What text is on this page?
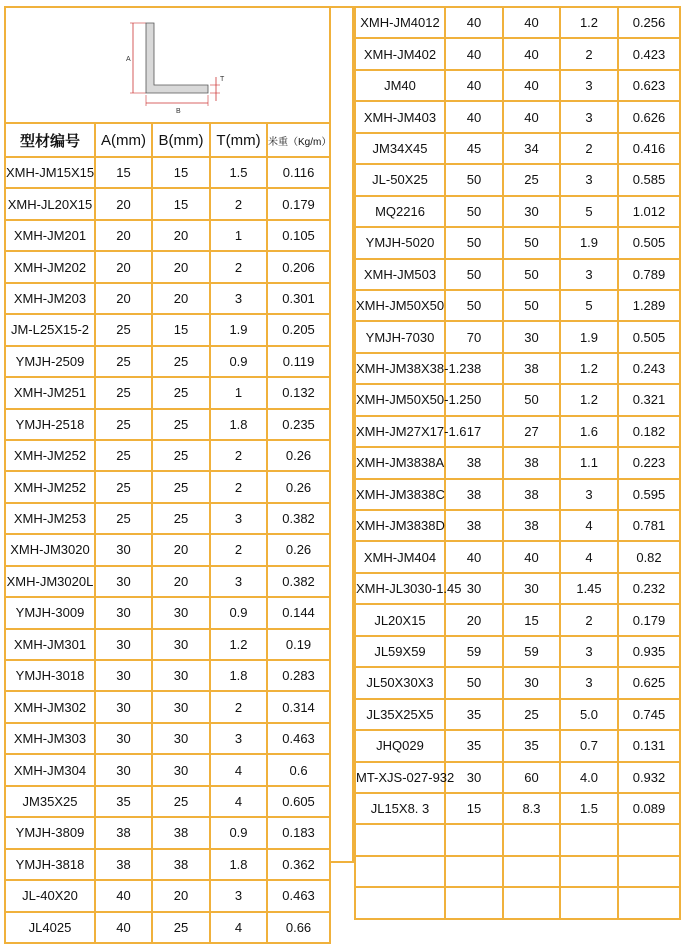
A
B
T				

型材编号	A(mm)	B(mm)	T(mm)	米重（Kg/m）
XMH-JM15X15	15	15	1.5	0.116
XMH-JL20X15	20	15	2	0.179
XMH-JM201	20	20	1	0.105
XMH-JM202	20	20	2	0.206
XMH-JM203	20	20	3	0.301
JM-L25X15-2	25	15	1.9	0.205
YMJH-2509	25	25	0.9	0.119
XMH-JM251	25	25	1	0.132
YMJH-2518	25	25	1.8	0.235
XMH-JM252	25	25	2	0.26
XMH-JM252	25	25	2	0.26
XMH-JM253	25	25	3	0.382
XMH-JM3020	30	20	2	0.26
XMH-JM3020L	30	20	3	0.382
YMJH-3009	30	30	0.9	0.144
XMH-JM301	30	30	1.2	0.19
YMJH-3018	30	30	1.8	0.283
XMH-JM302	30	30	2	0.314
XMH-JM303	30	30	3	0.463
XMH-JM304	30	30	4	0.6
JM35X25	35	25	4	0.605
YMJH-3809	38	38	0.9	0.183
YMJH-3818	38	38	1.8	0.362
JL-40X20	40	20	3	0.463
JL4025	40	25	4	0.66
XMH-JM4012	40	40	1.2	0.256
XMH-JM402	40	40	2	0.423
JM40	40	40	3	0.623
XMH-JM403	40	40	3	0.626
JM34X45	45	34	2	0.416
JL-50X25	50	25	3	0.585
MQ2216	50	30	5	1.012
YMJH-5020	50	50	1.9	0.505
XMH-JM503	50	50	3	0.789
XMH-JM50X50	50	50	5	1.289
YMJH-7030	70	30	1.9	0.505
XMH-JM38X38-1.2	38	38	1.2	0.243
XMH-JM50X50-1.2	50	50	1.2	0.321
XMH-JM27X17-1.6	17	27	1.6	0.182
XMH-JM3838A	38	38	1.1	0.223
XMH-JM3838C	38	38	3	0.595
XMH-JM3838D	38	38	4	0.781
XMH-JM404	40	40	4	0.82
XMH-JL3030-1.45	30	30	1.45	0.232
JL20X15	20	15	2	0.179
JL59X59	59	59	3	0.935
JL50X30X3	50	30	3	0.625
JL35X25X5	35	25	5.0	0.745
JHQ029	35	35	0.7	0.131
MT-XJS-027-932	30	60	4.0	0.932
JL15X8. 3	15	8.3	1.5	0.089
